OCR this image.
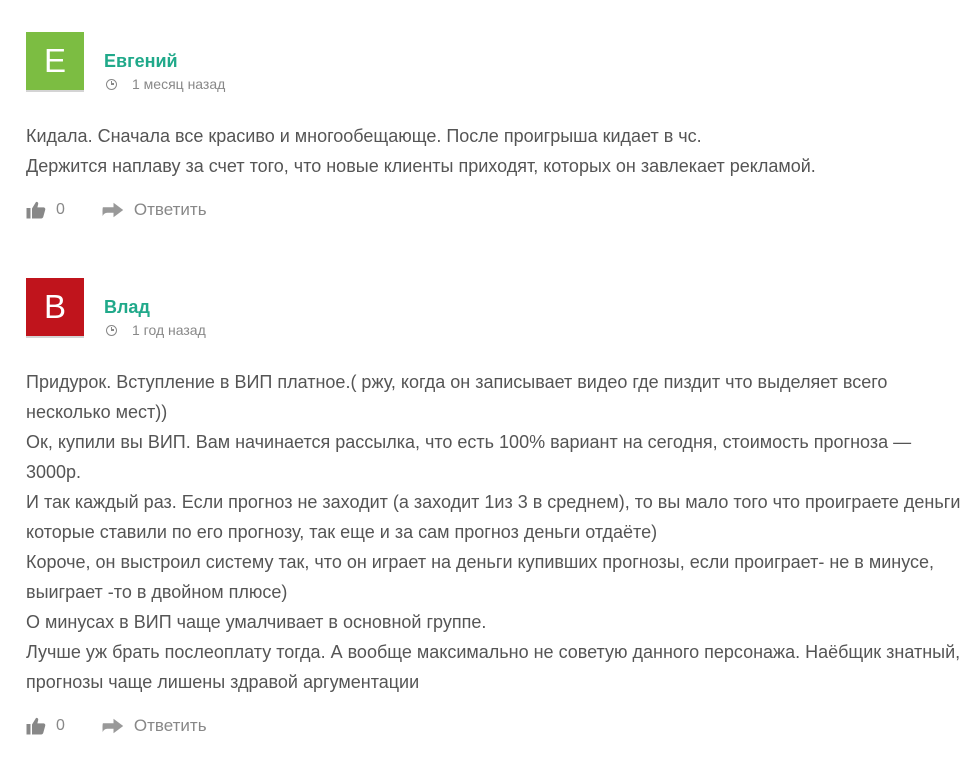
Е	Евгений
1 месяц назад

Кидала. Сначала все красиво и многообещающе. После проигрыша кидает в чс.

Держится наплаву за счет того, что новые клиенты приходят, которых он завлекает рекламой.

0	Ответить
В	Влад
1 год назад

Придурок. Вступление в ВИП платное.( ржу, когда он записывает видео где пиздит что выделяет всего несколько мест))

Ок, купили вы ВИП. Вам начинается рассылка, что есть 100% вариант на сегодня, стоимость прогноза — 3000р.

И так каждый раз. Если прогноз не заходит (а заходит 1из 3 в среднем), то вы мало того что проиграете деньги которые ставили по его прогнозу, так еще и за сам прогноз деньги отдаёте)

Короче, он выстроил систему так, что он играет на деньги купивших прогнозы, если проиграет- не в минусе, выиграет -то в двойном плюсе)

О минусах в ВИП чаще умалчивает в основной группе.

Лучше уж брать послеоплату тогда. А вообще максимально не советую данного персонажа. Наёбщик знатный, прогнозы чаще лишены здравой аргументации

0	Ответить
